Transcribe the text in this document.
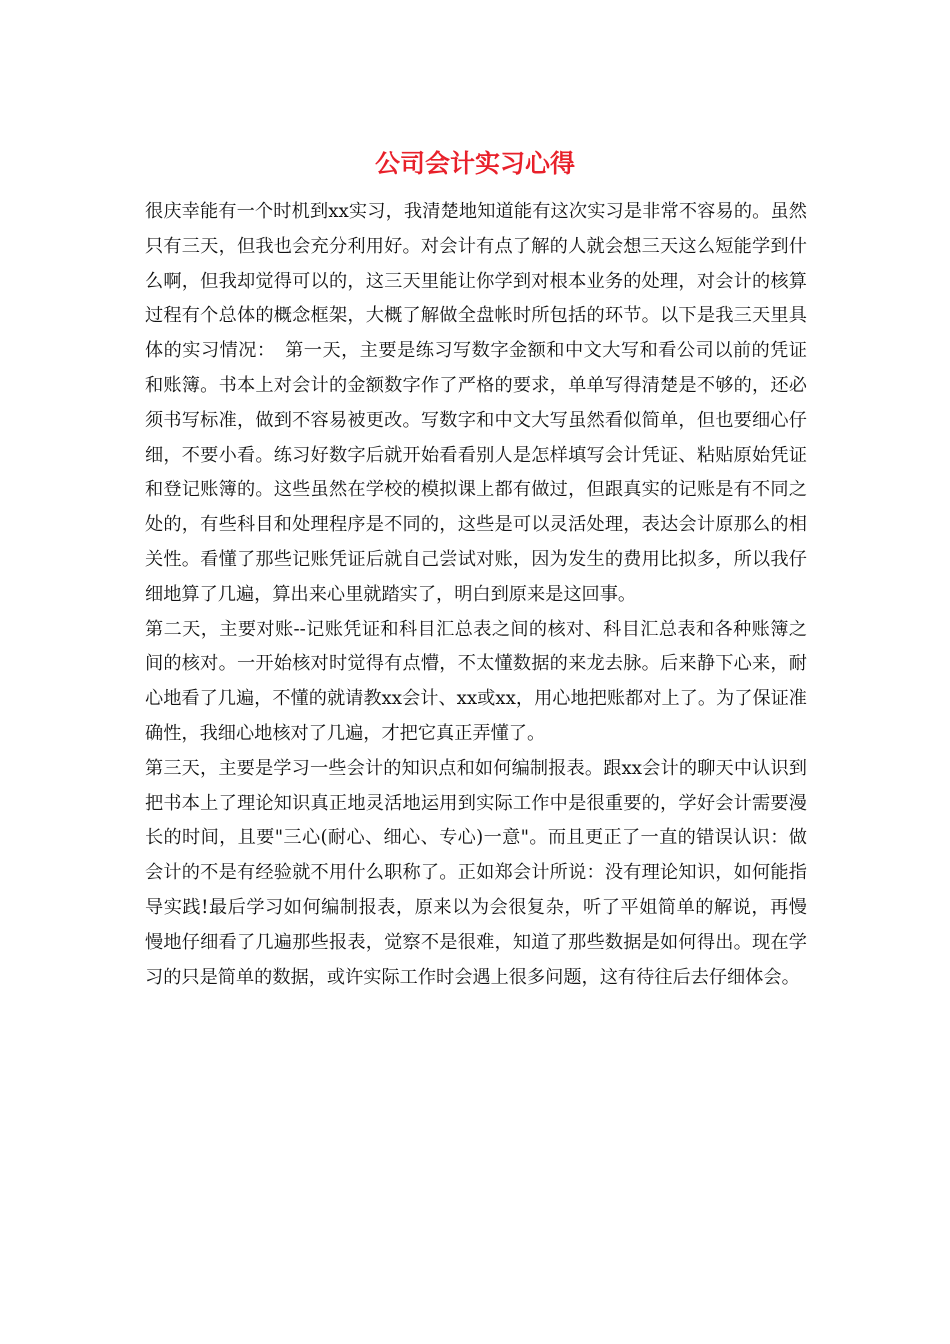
公司会计实习心得

很庆幸能有一个时机到xx实习，我清楚地知道能有这次实习是非常不容易的。虽然只有三天，但我也会充分利用好。对会计有点了解的人就会想三天这么短能学到什么啊，但我却觉得可以的，这三天里能让你学到对根本业务的处理，对会计的核算过程有个总体的概念框架，大概了解做全盘帐时所包括的环节。以下是我三天里具体的实习情况：　第一天，主要是练习写数字金额和中文大写和看公司以前的凭证和账簿。书本上对会计的金额数字作了严格的要求，单单写得清楚是不够的，还必须书写标准，做到不容易被更改。写数字和中文大写虽然看似简单，但也要细心仔细，不要小看。练习好数字后就开始看看别人是怎样填写会计凭证、粘贴原始凭证和登记账簿的。这些虽然在学校的模拟课上都有做过，但跟真实的记账是有不同之处的，有些科目和处理程序是不同的，这些是可以灵活处理，表达会计原那么的相关性。看懂了那些记账凭证后就自己尝试对账，因为发生的费用比拟多，所以我仔细地算了几遍，算出来心里就踏实了，明白到原来是这回事。

第二天，主要对账--记账凭证和科目汇总表之间的核对、科目汇总表和各种账簿之间的核对。一开始核对时觉得有点懵，不太懂数据的来龙去脉。后来静下心来，耐心地看了几遍，不懂的就请教xx会计、xx或xx，用心地把账都对上了。为了保证准确性，我细心地核对了几遍，才把它真正弄懂了。

第三天，主要是学习一些会计的知识点和如何编制报表。跟xx会计的聊天中认识到把书本上了理论知识真正地灵活地运用到实际工作中是很重要的，学好会计需要漫长的时间，且要"三心(耐心、细心、专心)一意"。而且更正了一直的错误认识：做会计的不是有经验就不用什么职称了。正如郑会计所说：没有理论知识，如何能指导实践!最后学习如何编制报表，原来以为会很复杂，听了平姐简单的解说，再慢慢地仔细看了几遍那些报表，觉察不是很难，知道了那些数据是如何得出。现在学习的只是简单的数据，或许实际工作时会遇上很多问题，这有待往后去仔细体会。
